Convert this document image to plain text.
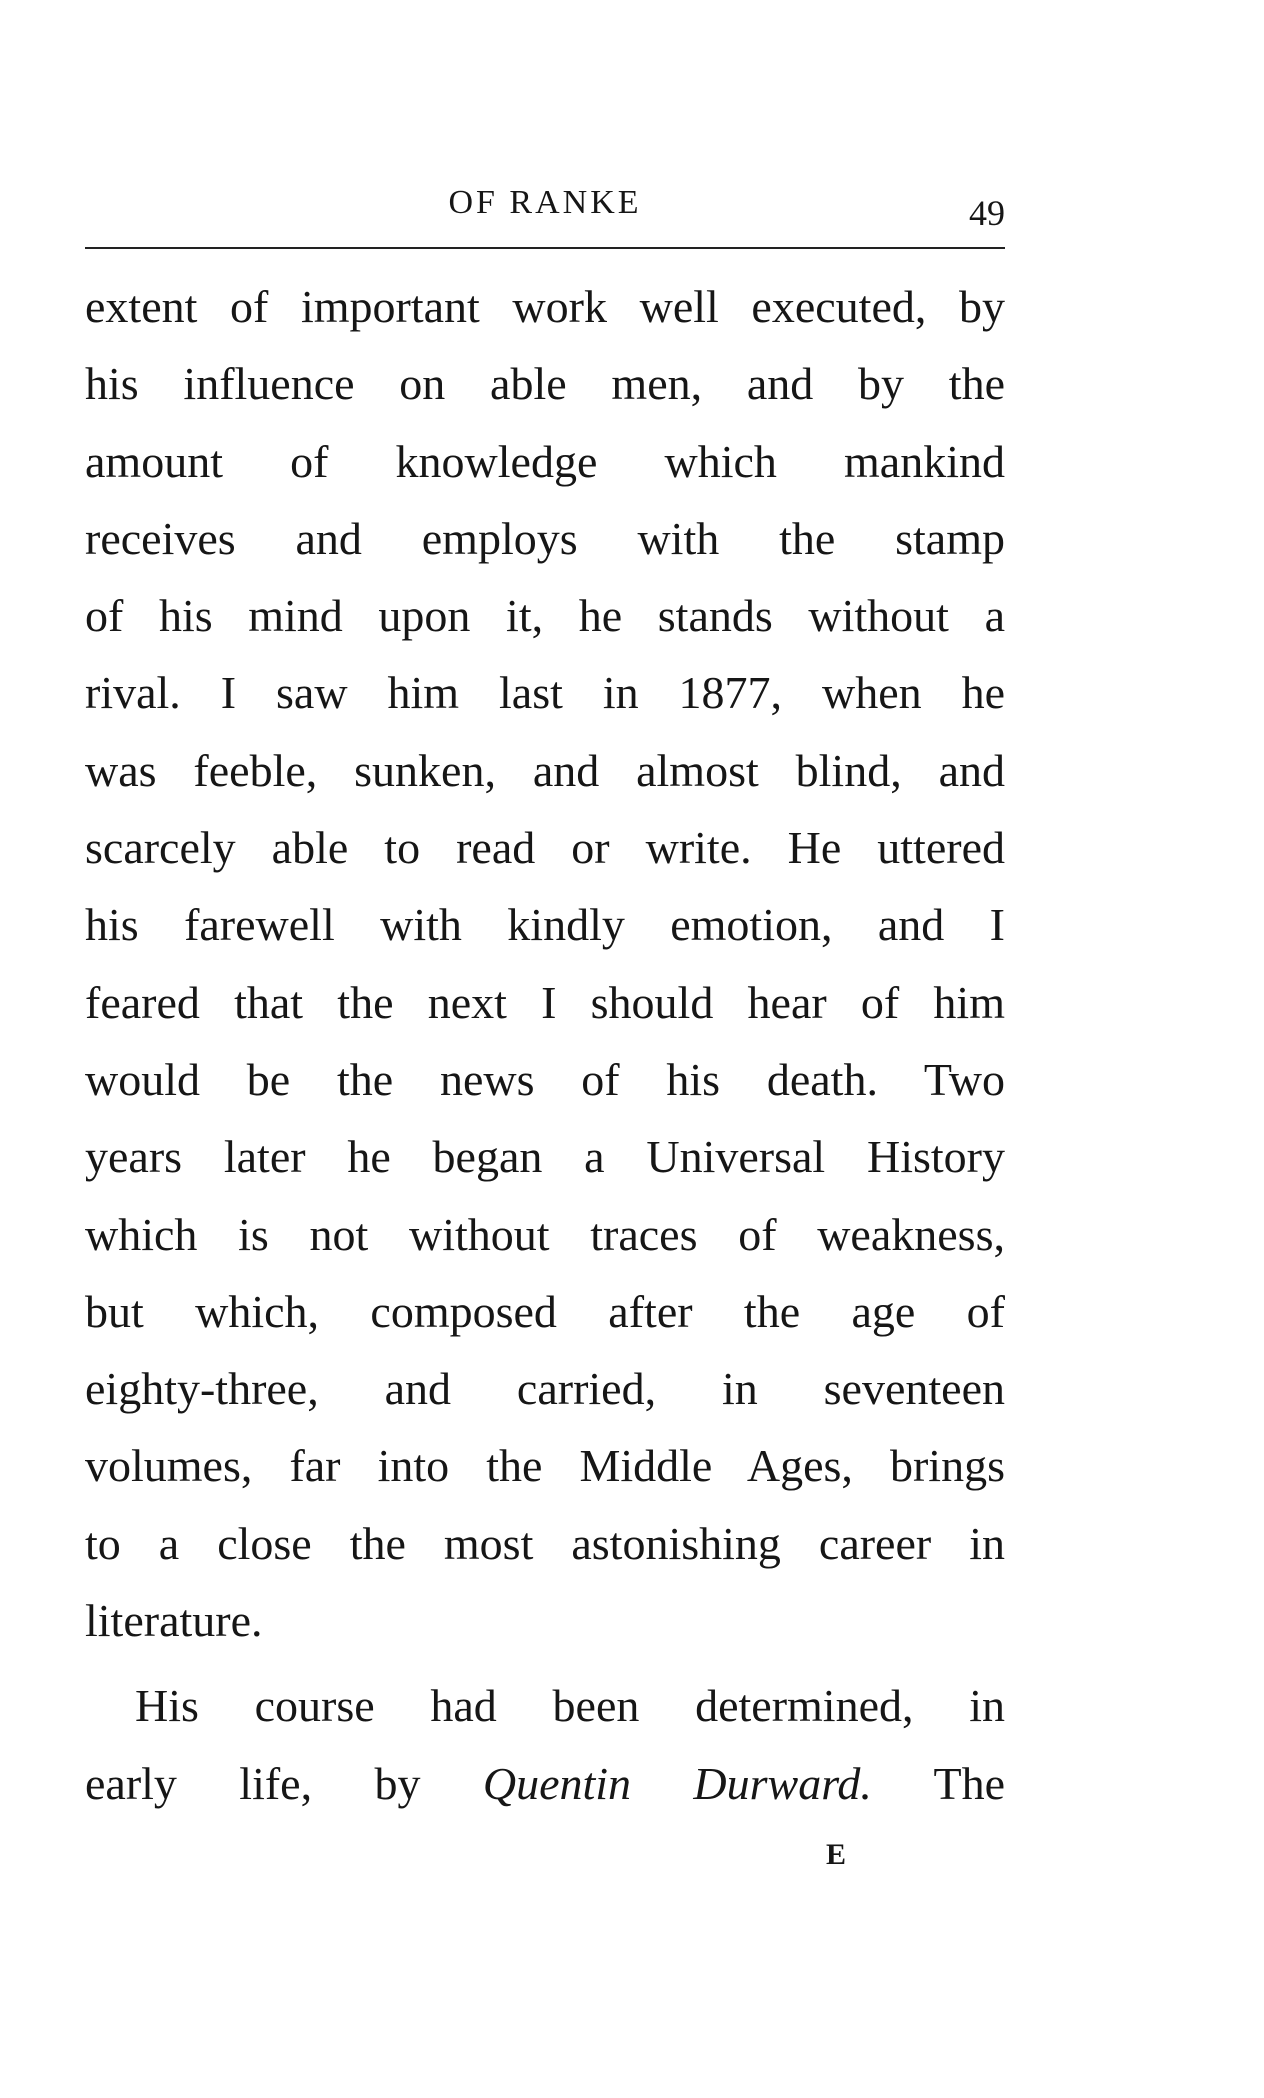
OF RANKE	49
extent of important work well executed, by
his influence on able men, and by the
amount of knowledge which mankind
receives and employs with the stamp
of his mind upon it, he stands without a
rival. I saw him last in 1877, when he
was feeble, sunken, and almost blind, and
scarcely able to read or write. He uttered
his farewell with kindly emotion, and I
feared that the next I should hear of him
would be the news of his death. Two
years later he began a Universal History
which is not without traces of weakness,
but which, composed after the age of
eighty-three, and carried, in seventeen
volumes, far into the Middle Ages, brings
to a close the most astonishing career in
literature.
His course had been determined, in
early life, by Quentin Durward. The
E
